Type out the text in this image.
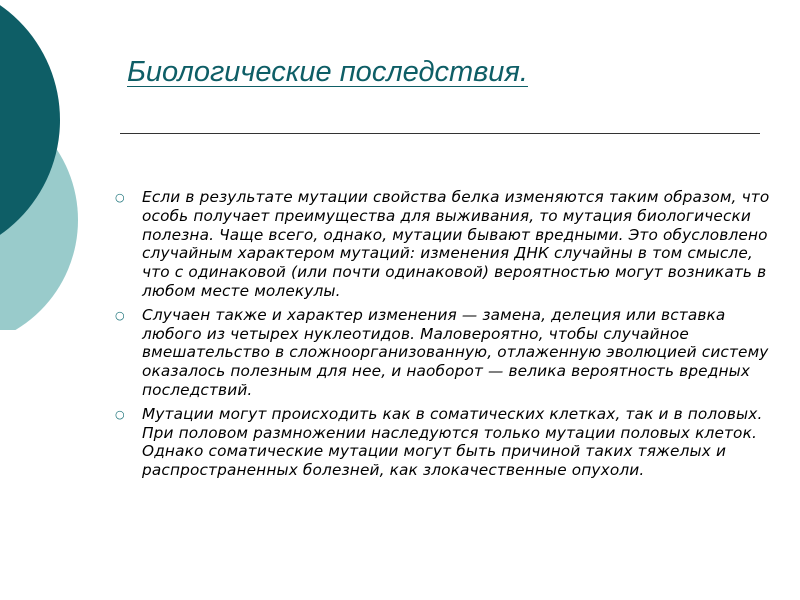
Биологические последствия.
○ Если в результате мутации свойства белка изменяются таким образом, что особь получает преимущества для выживания, то мутация биологически полезна. Чаще всего, однако, мутации бывают вредными. Это обусловлено случайным характером мутаций: изменения ДНК случайны в том смысле, что с одинаковой (или почти одинаковой) вероятностью могут возникать в любом месте молекулы.
○ Случаен также и характер изменения — замена, делеция или вставка любого из четырех нуклеотидов. Маловероятно, чтобы случайное вмешательство в сложноорганизованную, отлаженную эволюцией систему оказалось полезным для нее, и наоборот — велика вероятность вредных последствий.
○ Мутации могут происходить как в соматических клетках, так и в половых. При половом размножении наследуются только мутации половых клеток. Однако соматические мутации могут быть причиной таких тяжелых и распространенных болезней, как злокачественные опухоли.
